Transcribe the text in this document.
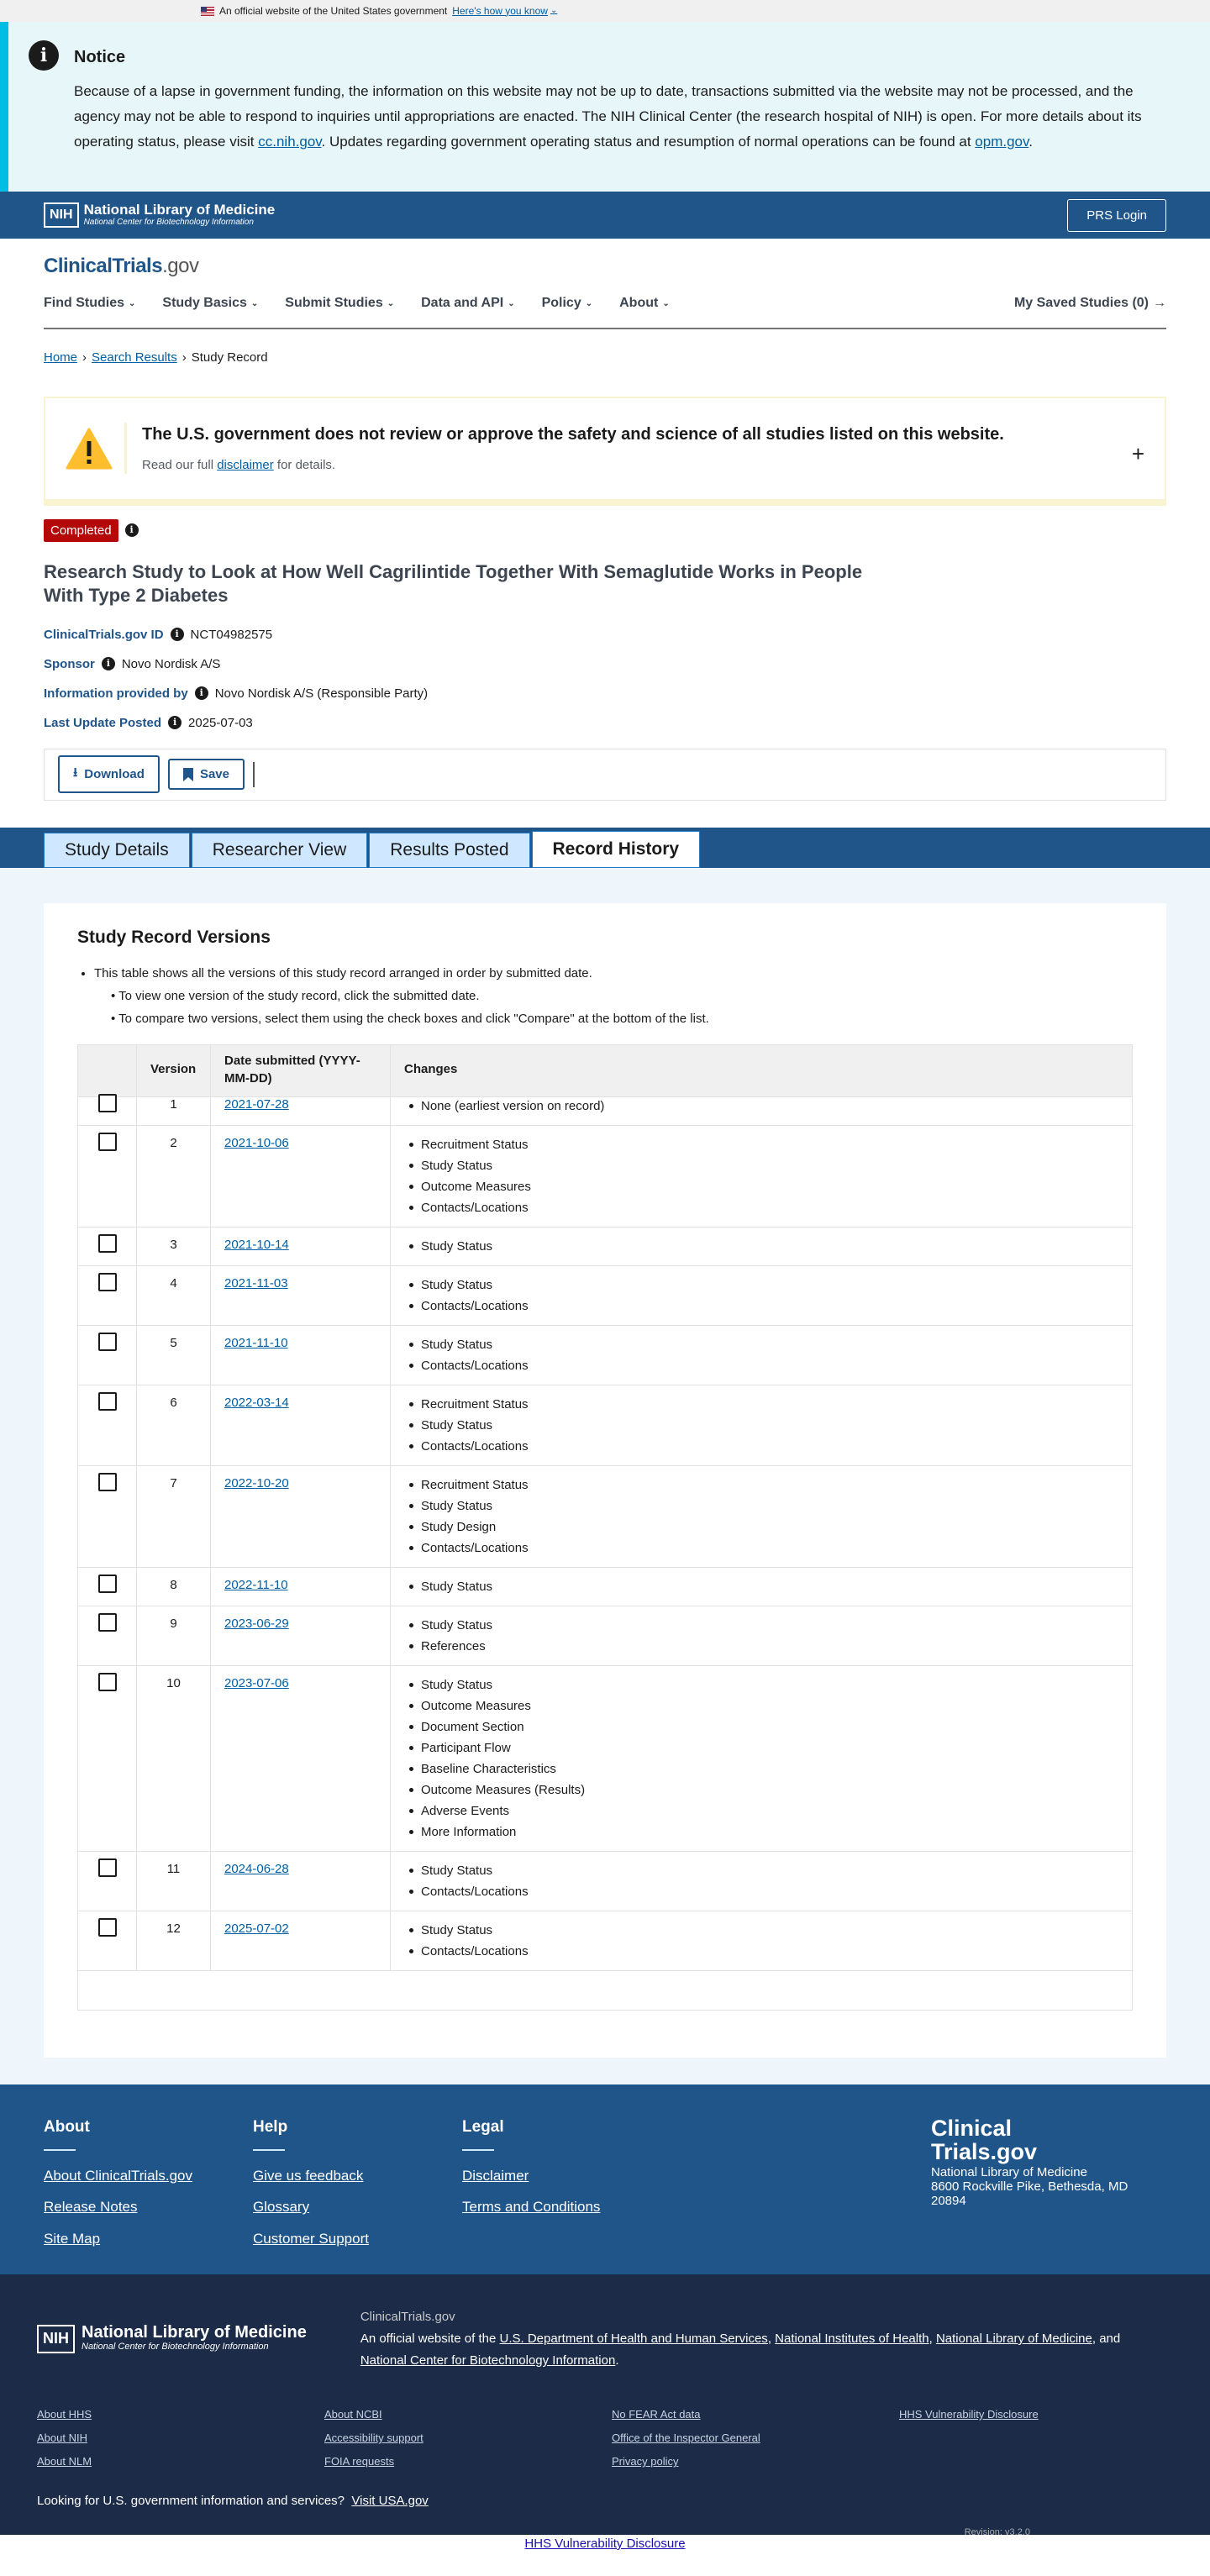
An official website of the United States government Here's how you know ⌄
i	Notice

Because of a lapse in government funding, the information on this website may not be up to date, transactions submitted via the website may not be processed, and the agency may not be able to respond to inquiries until appropriations are enacted. The NIH Clinical Center (the research hospital of NIH) is open. For more details about its operating status, please visit cc.nih.gov. Updates regarding government operating status and resumption of normal operations can be found at opm.gov.

NIH National Library of Medicine
National Center for Biotechnology Information	PRS Login
ClinicalTrials.gov
Find Studies ⌄ Study Basics ⌄ Submit Studies ⌄ Data and API ⌄ Policy ⌄ About ⌄	My Saved Studies (0) →
Home › Search Results › Study Record
The U.S. government does not review or approve the safety and science of all studies listed on this website.

Read our full disclaimer for details.	+
Completed	i
Research Study to Look at How Well Cagrilintide Together With Semaglutide Works in People With Type 2 Diabetes
ClinicalTrials.gov ID	i NCT04982575
Sponsor	i Novo Nordisk A/S
Information provided by	i Novo Nordisk A/S (Responsible Party)
Last Update Posted	i 2025-07-03
⭳ Download	Save
Study Details	Researcher View	Results Posted	Record History
Study Record Versions
• This table shows all the versions of this study record arranged in order by submitted date.
• To view one version of the study record, click the submitted date.
• To compare two versions, select them using the check boxes and click "Compare" at the bottom of the list.
Version
Date submitted (YYYY-MM-DD)
Changes
1	2021-07-28	None (earliest version on record)
2	2021-10-06	Recruitment Status
Study Status
Outcome Measures
Contacts/Locations
3	2021-10-14	Study Status
4	2021-11-03	Study Status
Contacts/Locations
5	2021-11-10	Study Status
Contacts/Locations
6	2022-03-14	Recruitment Status
Study Status
Contacts/Locations
7	2022-10-20	Recruitment Status
Study Status
Study Design
Contacts/Locations
8	2022-11-10	Study Status
9	2023-06-29	Study Status
References
10	2023-07-06	Study Status
Outcome Measures
Document Section
Participant Flow
Baseline Characteristics
Outcome Measures (Results)
Adverse Events
More Information
11	2024-06-28	Study Status
Contacts/Locations
12	2025-07-02	Study Status
Contacts/Locations
About
About ClinicalTrials.gov
Release Notes
Site Map
Help
Give us feedback
Glossary
Customer Support
Legal
Disclaimer
Terms and Conditions
Clinical Trials.gov
National Library of Medicine
8600 Rockville Pike, Bethesda, MD 20894
NIH National Library of Medicine
National Center for Biotechnology Information
ClinicalTrials.gov
An official website of the U.S. Department of Health and Human Services, National Institutes of Health, National Library of Medicine, and National Center for Biotechnology Information.
About HHS	About NCBI	No FEAR Act data	HHS Vulnerability Disclosure
About NIH	Accessibility support	Office of the Inspector General
About NLM	FOIA requests	Privacy policy
Looking for U.S. government information and services? Visit USA.gov
Revision: v3.2.0
HHS Vulnerability Disclosure
